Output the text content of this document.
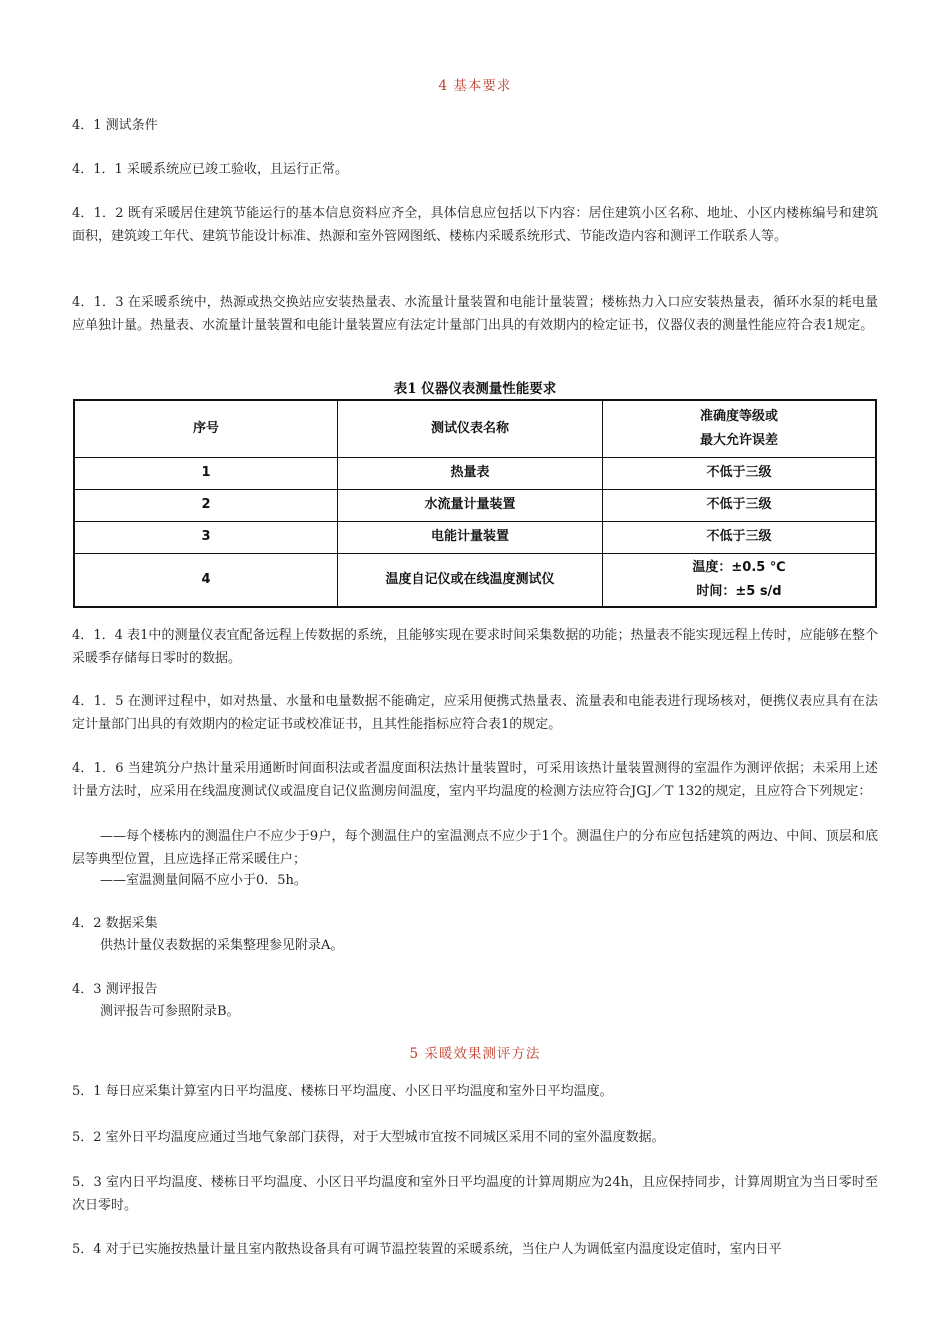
4 基本要求

4．1 测试条件

4．1．1 采暖系统应已竣工验收，且运行正常。

4．1．2 既有采暖居住建筑节能运行的基本信息资料应齐全，具体信息应包括以下内容：居住建筑小区名称、地址、小区内楼栋编号和建筑面积，建筑竣工年代、建筑节能设计标准、热源和室外管网图纸、楼栋内采暖系统形式、节能改造内容和测评工作联系人等。

4．1．3 在采暖系统中，热源或热交换站应安装热量表、水流量计量装置和电能计量装置；楼栋热力入口应安装热量表，循环水泵的耗电量应单独计量。热量表、水流量计量装置和电能计量装置应有法定计量部门出具的有效期内的检定证书，仪器仪表的测量性能应符合表1规定。

表1 仪器仪表测量性能要求
序号	测试仪表名称	准确度等级或
最大允许误差

1	热量表	不低于三级
2	水流量计量装置	不低于三级
3	电能计量装置	不低于三级
4	温度自记仪或在线温度测试仪	温度：±0.5 ℃
时间：±5 s/d

4．1．4 表1中的测量仪表宜配备远程上传数据的系统，且能够实现在要求时间采集数据的功能；热量表不能实现远程上传时，应能够在整个采暖季存储每日零时的数据。

4．1．5 在测评过程中，如对热量、水量和电量数据不能确定，应采用便携式热量表、流量表和电能表进行现场核对，便携仪表应具有在法定计量部门出具的有效期内的检定证书或校准证书，且其性能指标应符合表1的规定。

4．1．6 当建筑分户热计量采用通断时间面积法或者温度面积法热计量装置时，可采用该热计量装置测得的室温作为测评依据；未采用上述计量方法时，应采用在线温度测试仪或温度自记仪监测房间温度，室内平均温度的检测方法应符合JGJ／T 132的规定，且应符合下列规定：

——每个楼栋内的测温住户不应少于9户，每个测温住户的室温测点不应少于1个。测温住户的分布应包括建筑的两边、中间、顶层和底层等典型位置，且应选择正常采暖住户；

——室温测量间隔不应小于0．5h。

4．2 数据采集

供热计量仪表数据的采集整理参见附录A。

4．3 测评报告

测评报告可参照附录B。

5 采暖效果测评方法

5．1 每日应采集计算室内日平均温度、楼栋日平均温度、小区日平均温度和室外日平均温度。

5．2 室外日平均温度应通过当地气象部门获得，对于大型城市宜按不同城区采用不同的室外温度数据。

5．3 室内日平均温度、楼栋日平均温度、小区日平均温度和室外日平均温度的计算周期应为24h，且应保持同步，计算周期宜为当日零时至次日零时。

5．4 对于已实施按热量计量且室内散热设备具有可调节温控装置的采暖系统，当住户人为调低室内温度设定值时，室内日平
